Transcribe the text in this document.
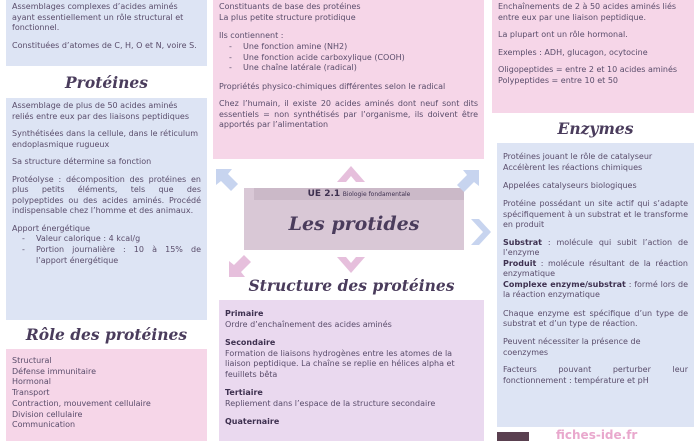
Assemblages complexes d’acides aminés ayant essentiellement un rôle structural et fonctionnel.

Constituées d’atomes de C, H, O et N, voire S.

Constituants de base des protéines
La plus petite structure protidique
Ils contiennent :
- Une fonction amine (NH2)
- Une fonction acide carboxylique (COOH)
- Une chaîne latérale (radical)

Propriétés physico-chimiques différentes selon le radical

Chez l’humain, il existe 20 acides aminés dont neuf sont dits essentiels = non synthétisés par l’organisme, ils doivent être apportés par l’alimentation

Enchaînements de 2 à 50 acides aminés liés entre eux par une liaison peptidique.

La plupart ont un rôle hormonal.

Exemples : ADH, glucagon, ocytocine

Oligopeptides = entre 2 et 10 acides aminés
Polypeptides = entre 10 et 50
Protéines

Assemblage de plus de 50 acides aminés reliés entre eux par des liaisons peptidiques

Synthétisées dans la cellule, dans le réticulum endoplasmique rugueux

Sa structure détermine sa fonction

Protéolyse : décomposition des protéines en plus petits éléments, tels que des polypeptides ou des acides aminés. Procédé indispensable chez l’homme et des animaux.

Apport énergétique
- Valeur calorique : 4 kcal/g
- Portion journalière : 10 à 15% de l’apport énergétique
Rôle des protéines
Structural
Défense immunitaire
Hormonal
Transport
Contraction, mouvement cellulaire
Division cellulaire
Communication
UE 2.1 Biologie fondamentale
Les protides
Structure des protéines
Primaire

Ordre d’enchaînement des acides aminés

Secondaire

Formation de liaisons hydrogènes entre les atomes de la liaison peptidique. La chaîne se replie en hélices alpha et feuillets bêta

Tertiaire

Repliement dans l’espace de la structure secondaire

Quaternaire
Enzymes
Protéines jouant le rôle de catalyseur
Accélèrent les réactions chimiques

Appelées catalyseurs biologiques

Protéine possédant un site actif qui s’adapte spécifiquement à un substrat et le transforme en produit

Substrat : molécule qui subit l’action de l’enzyme
Produit : molécule résultant de la réaction enzymatique
Complexe enzyme/substrat : formé lors de la réaction enzymatique

Chaque enzyme est spécifique d’un type de substrat et d’un type de réaction.

Peuvent nécessiter la présence de coenzymes

Facteurs pouvant perturber leur fonctionnement : température et pH

fiches-ide.fr
